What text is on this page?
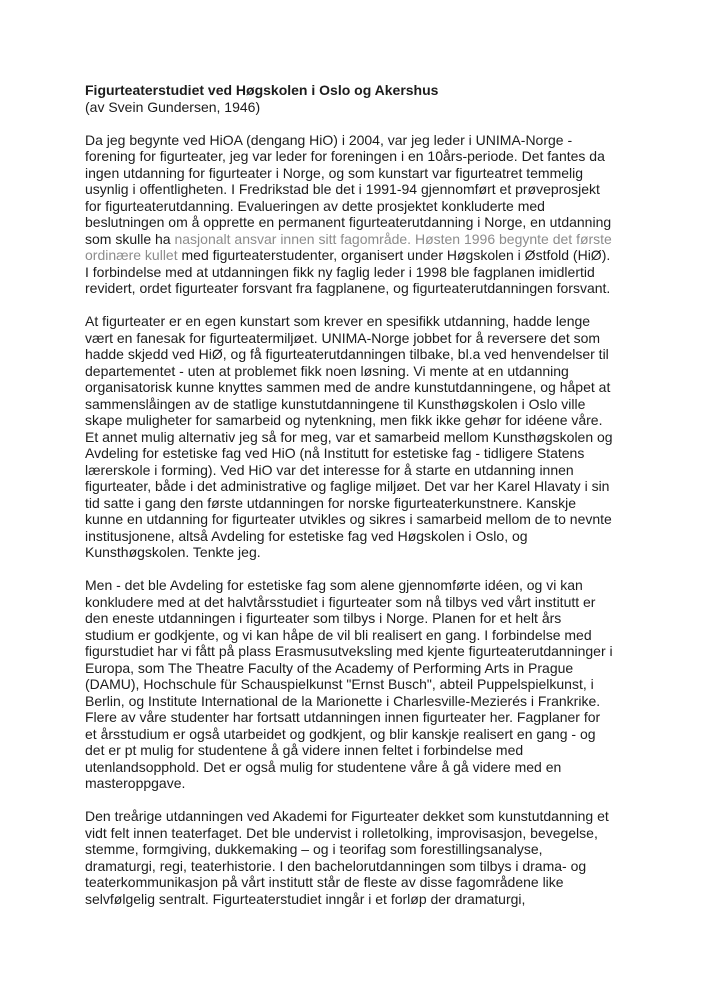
Figurteaterstudiet ved Høgskolen i Oslo og Akershus
(av Svein Gundersen, 1946)
Da jeg begynte ved HiOA (dengang HiO) i 2004, var jeg leder i UNIMA-Norge -
forening for figurteater, jeg var leder for foreningen i en 10års-periode. Det fantes da
ingen utdanning for figurteater i Norge, og som kunstart var figurteatret temmelig
usynlig i offentligheten. I Fredrikstad ble det i 1991-94 gjennomført et prøveprosjekt
for figurteaterutdanning. Evalueringen av dette prosjektet konkluderte med
beslutningen om å opprette en permanent figurteaterutdanning i Norge, en utdanning
som skulle ha nasjonalt ansvar innen sitt fagområde. Høsten 1996 begynte det første
ordinære kullet med figurteaterstudenter, organisert under Høgskolen i Østfold (HiØ).
I forbindelse med at utdanningen fikk ny faglig leder i 1998 ble fagplanen imidlertid
revidert, ordet figurteater forsvant fra fagplanene, og figurteaterutdanningen forsvant.
At figurteater er en egen kunstart som krever en spesifikk utdanning, hadde lenge
vært en fanesak for figurteatermiljøet. UNIMA-Norge jobbet for å reversere det som
hadde skjedd ved HiØ, og få figurteaterutdanningen tilbake, bl.a ved henvendelser til
departementet - uten at problemet fikk noen løsning. Vi mente at en utdanning
organisatorisk kunne knyttes sammen med de andre kunstutdanningene, og håpet at
sammenslåingen av de statlige kunstutdanningene til Kunsthøgskolen i Oslo ville
skape muligheter for samarbeid og nytenkning, men fikk ikke gehør for idéene våre.
Et annet mulig alternativ jeg så for meg, var et samarbeid mellom Kunsthøgskolen og
Avdeling for estetiske fag ved HiO (nå Institutt for estetiske fag - tidligere Statens
lærerskole i forming). Ved HiO var det interesse for å starte en utdanning innen
figurteater, både i det administrative og faglige miljøet. Det var her Karel Hlavaty i sin
tid satte i gang den første utdanningen for norske figurteaterkunstnere. Kanskje
kunne en utdanning for figurteater utvikles og sikres i samarbeid mellom de to nevnte
institusjonene, altså Avdeling for estetiske fag ved Høgskolen i Oslo, og
Kunsthøgskolen. Tenkte jeg.
Men - det ble Avdeling for estetiske fag som alene gjennomførte idéen, og vi kan
konkludere med at det halvtårsstudiet i figurteater som nå tilbys ved vårt institutt er
den eneste utdanningen i figurteater som tilbys i Norge. Planen for et helt års
studium er godkjente, og vi kan håpe de vil bli realisert en gang. I forbindelse med
figurstudiet har vi fått på plass Erasmusutveksling med kjente figurteaterutdanninger i
Europa, som The Theatre Faculty of the Academy of Performing Arts in Prague
(DAMU), Hochschule für Schauspielkunst "Ernst Busch", abteil Puppelspielkunst, i
Berlin, og Institute International de la Marionette i Charlesville-Mezierés i Frankrike.
Flere av våre studenter har fortsatt utdanningen innen figurteater her. Fagplaner for
et årsstudium er også utarbeidet og godkjent, og blir kanskje realisert en gang - og
det er pt mulig for studentene å gå videre innen feltet i forbindelse med
utenlandsopphold. Det er også mulig for studentene våre å gå videre med en
masteroppgave.
Den treårige utdanningen ved Akademi for Figurteater dekket som kunstutdanning et
vidt felt innen teaterfaget. Det ble undervist i rolletolking, improvisasjon, bevegelse,
stemme, formgiving, dukkemaking – og i teorifag som forestillingsanalyse,
dramaturgi, regi, teaterhistorie. I den bachelorutdanningen som tilbys i drama- og
teaterkommunikasjon på vårt institutt står de fleste av disse fagområdene like
selvfølgelig sentralt. Figurteaterstudiet inngår i et forløp der dramaturgi,
